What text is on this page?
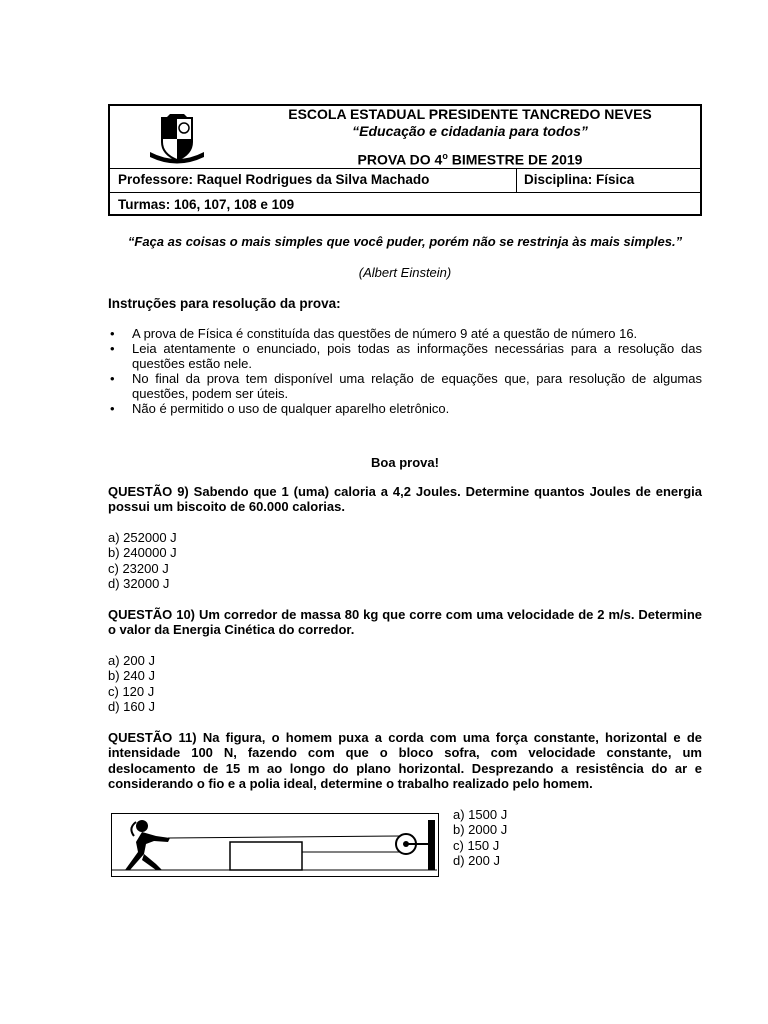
ESCOLA ESTADUAL PRESIDENTE TANCREDO NEVES
“Educação e cidadania para todos”
PROVA DO 4$^o$ BIMESTRE DE 2019
Professore: Raquel Rodrigues da Silva Machado	Disciplina: Física
Turmas: 106, 107, 108 e 109
“Faça as coisas o mais simples que você puder, porém não se restrinja às mais simples.”
(Albert Einstein)
Instruções para resolução da prova:
• A prova de Física é constituída das questões de número 9 até a questão de número 16.
• Leia atentamente o enunciado, pois todas as informações necessárias para a resolução das questões estão nele.
• No final da prova tem disponível uma relação de equações que, para resolução de algumas questões, podem ser úteis.
• Não é permitido o uso de qualquer aparelho eletrônico.
Boa prova!
QUESTÃO 9) Sabendo que 1 (uma) caloria a 4,2 Joules. Determine quantos Joules de energia possui um biscoito de 60.000 calorias.
a) 252000 J
b) 240000 J
c) 23200 J
d) 32000 J
QUESTÃO 10) Um corredor de massa 80 kg que corre com uma velocidade de 2 m/s. Determine o valor da Energia Cinética do corredor.
a) 200 J
b) 240 J
c) 120 J
d) 160 J
QUESTÃO 11) Na figura, o homem puxa a corda com uma força constante, horizontal e de intensidade 100 N, fazendo com que o bloco sofra, com velocidade constante, um deslocamento de 15 m ao longo do plano horizontal. Desprezando a resistência do ar e considerando o fio e a polia ideal, determine o trabalho realizado pelo homem.
a) 1500 J
b) 2000 J
c) 150 J
d) 200 J
